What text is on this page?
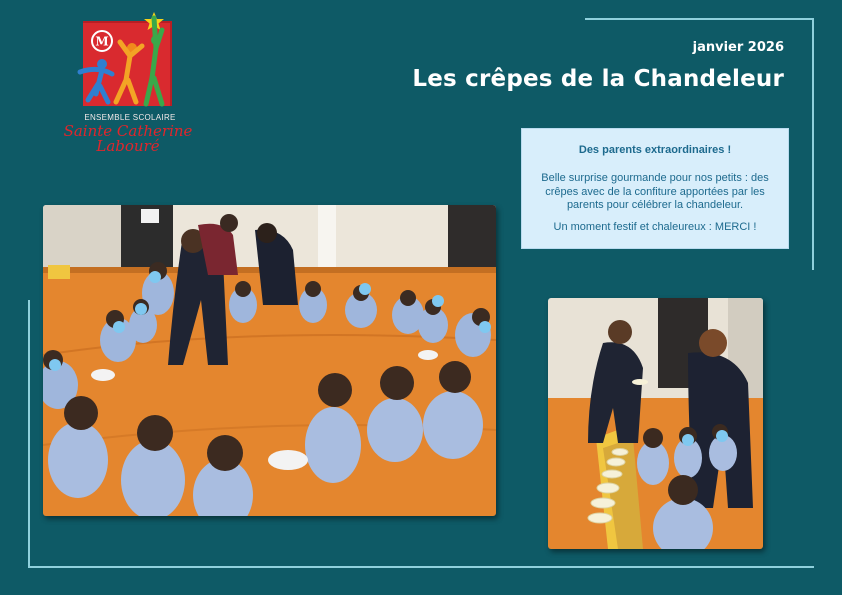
M
ENSEMBLE SCOLAIRE
Sainte Catherine
Labouré
janvier 2026
Les crêpes de la Chandeleur
Des parents extraordinaires !
Belle surprise gourmande pour nos petits : des crêpes avec de la confiture apportées par les parents pour célébrer la chandeleur.
Un moment festif et chaleureux : MERCI !
